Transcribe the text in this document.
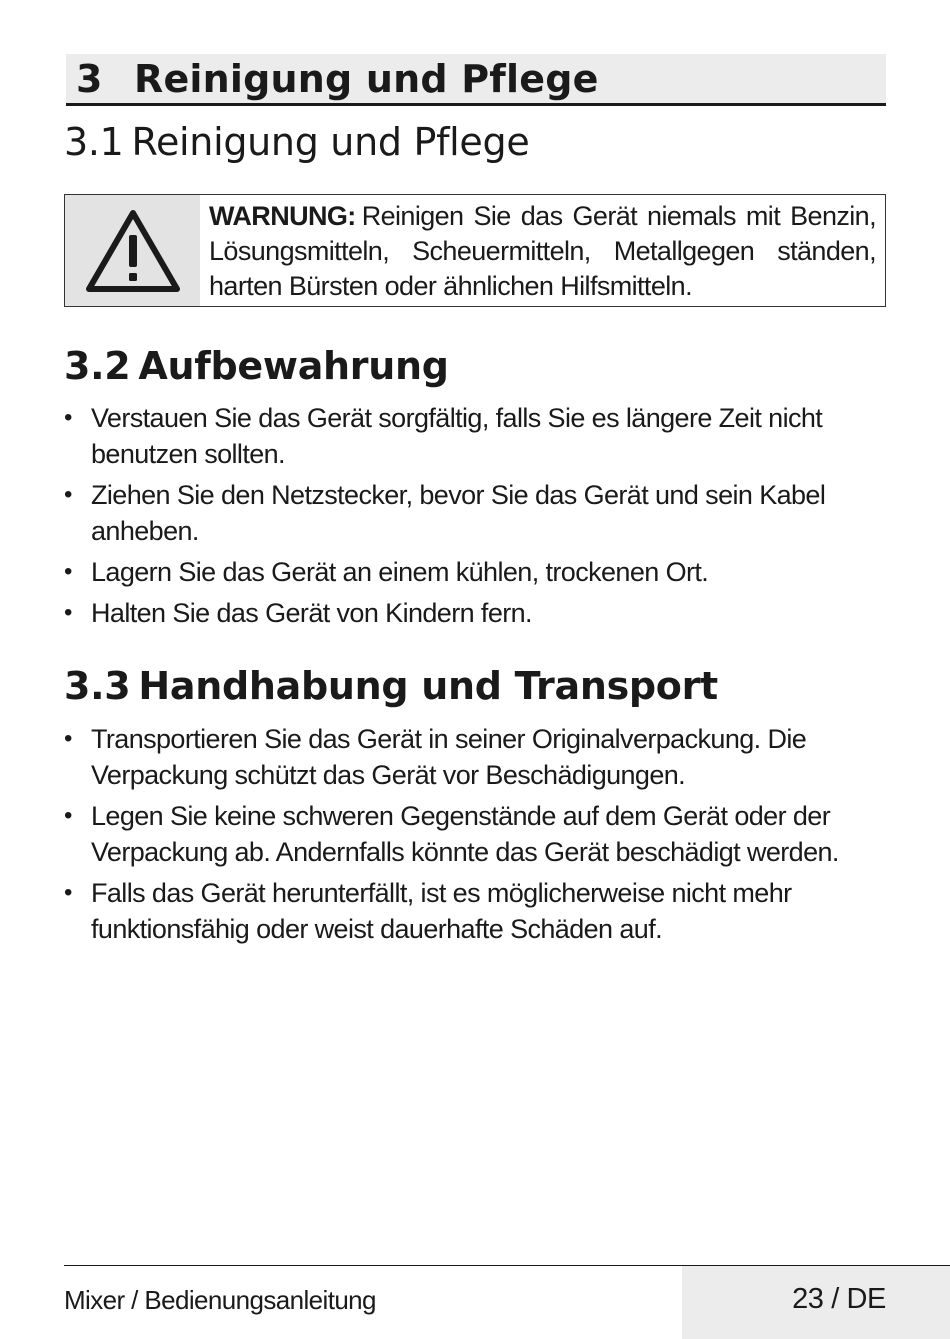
3 Reinigung und Pflege
3.1 Reinigung und Pflege
WARNUNG: Reinigen Sie das Gerät niemals mit Benzin, Lösungsmitteln, Scheuermitteln, Metallgegen ständen, harten Bürsten oder ähnlichen Hilfsmitteln.
3.2 Aufbewahrung
• Verstauen Sie das Gerät sorgfältig, falls Sie es längere Zeit nicht benutzen sollten.
• Ziehen Sie den Netzstecker, bevor Sie das Gerät und sein Kabel anheben.
• Lagern Sie das Gerät an einem kühlen, trockenen Ort.
• Halten Sie das Gerät von Kindern fern.
3.3 Handhabung und Transport
• Transportieren Sie das Gerät in seiner Originalverpackung. Die Verpackung schützt das Gerät vor Beschädigungen.
• Legen Sie keine schweren Gegenstände auf dem Gerät oder der Verpackung ab. Andernfalls könnte das Gerät beschädigt werden.
• Falls das Gerät herunterfällt, ist es möglicherweise nicht mehr funktionsfähig oder weist dauerhafte Schäden auf.
Mixer / Bedienungsanleitung	23 / DE
